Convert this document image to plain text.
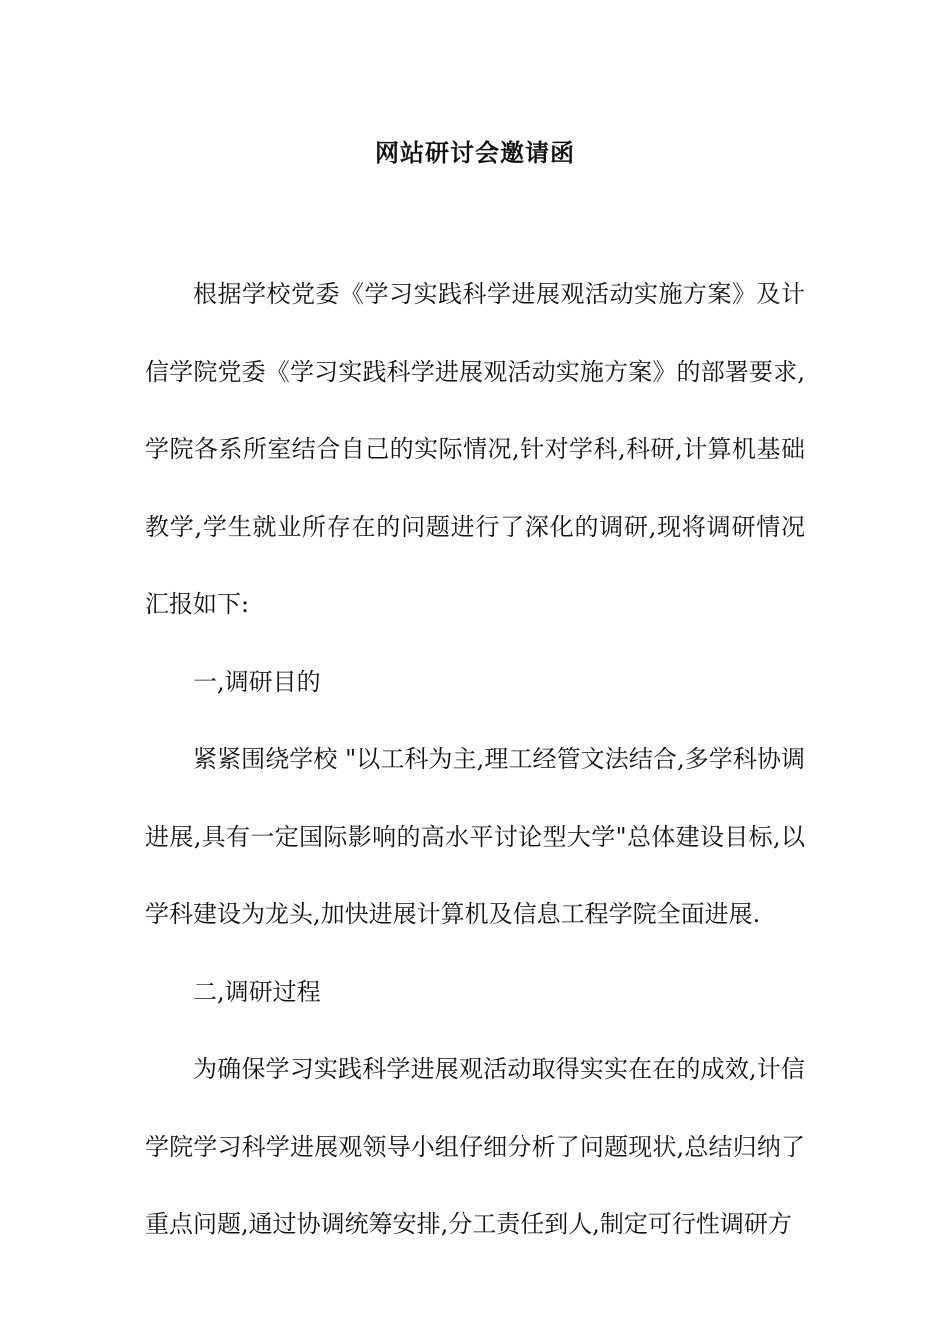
网站研讨会邀请函

根据学校党委《学习实践科学进展观活动实施方案》及计信学院党委《学习实践科学进展观活动实施方案》的部署要求,学院各系所室结合自己的实际情况,针对学科,科研,计算机基础教学,学生就业所存在的问题进行了深化的调研,现将调研情况汇报如下:

一,调研目的

紧紧围绕学校 "以工科为主,理工经管文法结合,多学科协调进展,具有一定国际影响的高水平讨论型大学"总体建设目标,以学科建设为龙头,加快进展计算机及信息工程学院全面进展.

二,调研过程

为确保学习实践科学进展观活动取得实实在在的成效,计信学院学习科学进展观领导小组仔细分析了问题现状,总结归纳了重点问题,通过协调统筹安排,分工责任到人,制定可行性调研方
